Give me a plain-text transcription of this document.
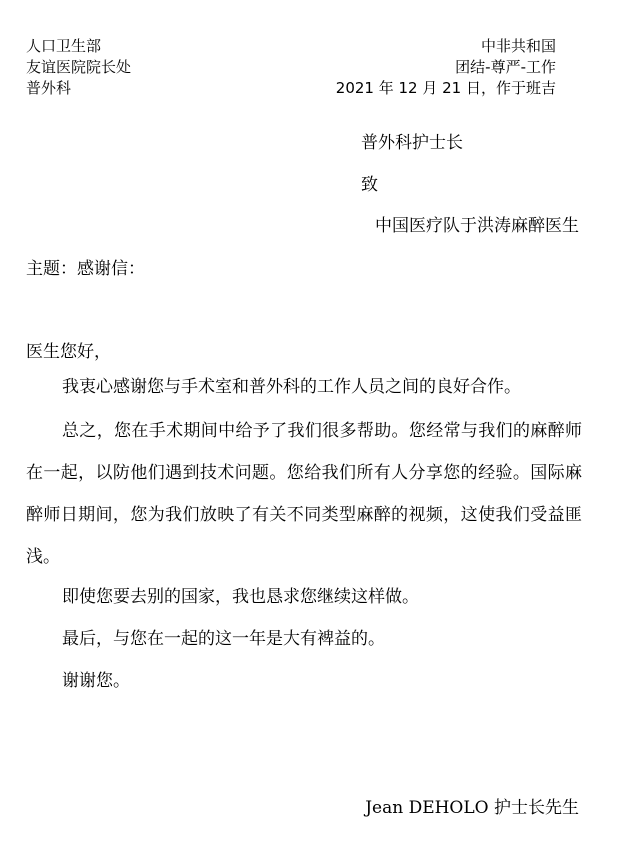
人口卫生部
友谊医院院长处
普外科
中非共和国
团结-尊严-工作
2021 年 12 月 21 日，作于班吉
普外科护士长
致
中国医疗队于洪涛麻醉医生
主题：感谢信：
医生您好，

我衷心感谢您与手术室和普外科的工作人员之间的良好合作。

总之，您在手术期间中给予了我们很多帮助。您经常与我们的麻醉师在一起，以防他们遇到技术问题。您给我们所有人分享您的经验。国际麻醉师日期间，您为我们放映了有关不同类型麻醉的视频，这使我们受益匪浅。

即使您要去别的国家，我也恳求您继续这样做。

最后，与您在一起的这一年是大有裨益的。

谢谢您。

Jean DEHOLO 护士长先生
